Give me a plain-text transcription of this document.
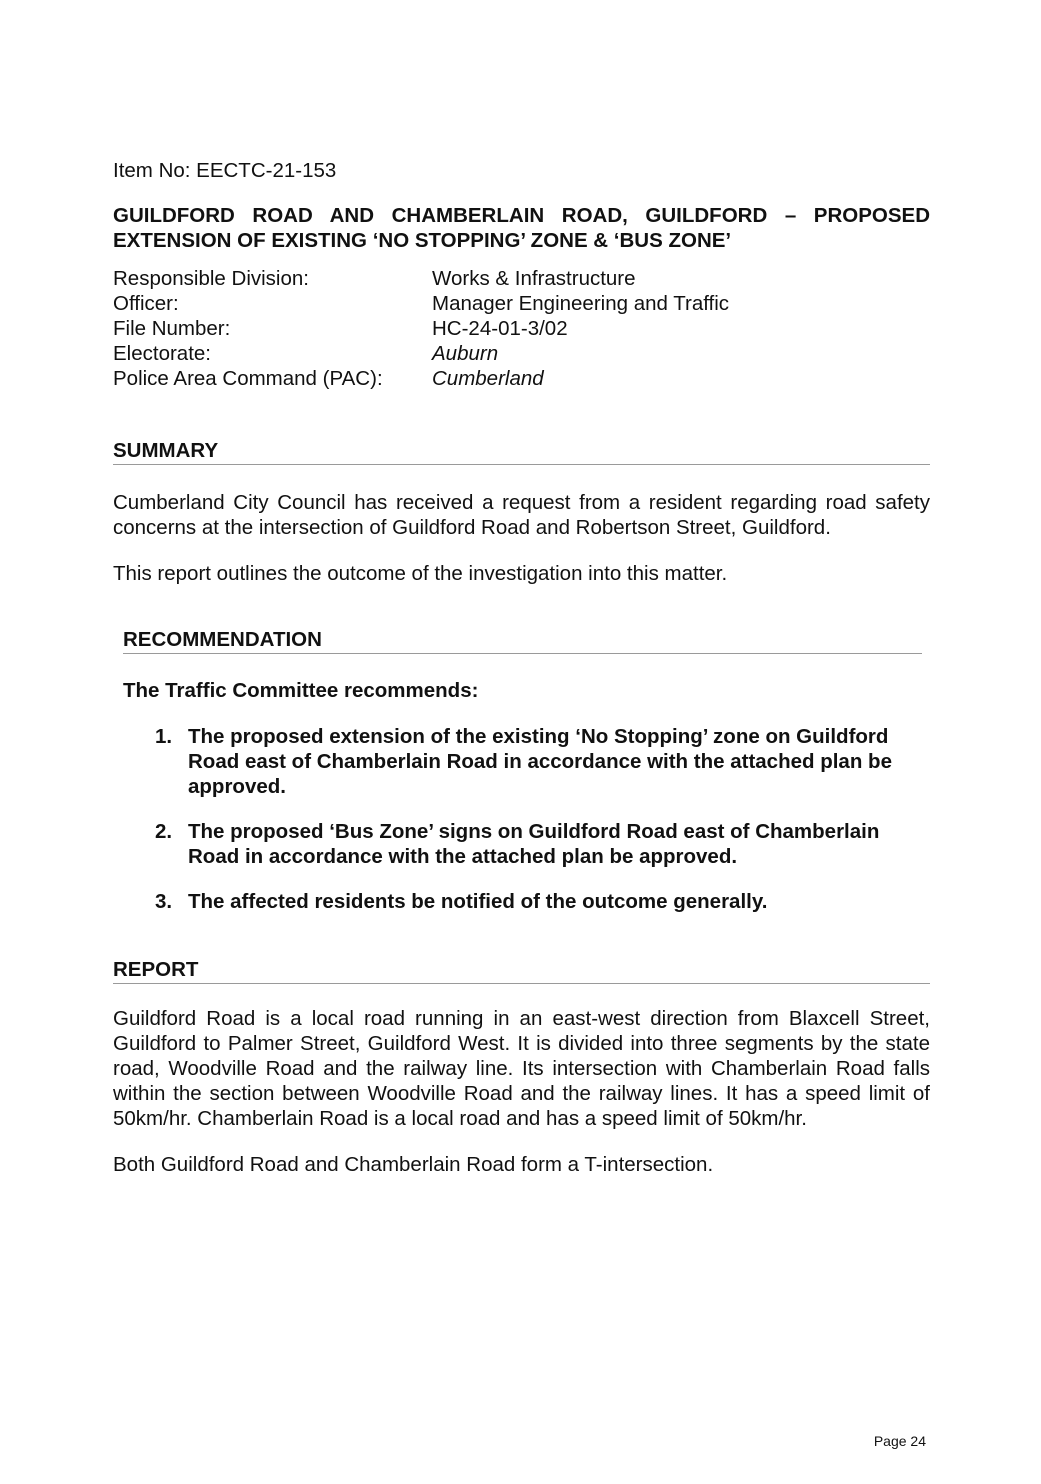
Item No: EECTC-21-153

GUILDFORD ROAD AND CHAMBERLAIN ROAD, GUILDFORD – PROPOSED EXTENSION OF EXISTING ‘NO STOPPING’ ZONE & ‘BUS ZONE’

Responsible Division:	Works & Infrastructure
Officer:	Manager Engineering and Traffic
File Number:	HC-24-01-3/02
Electorate:	Auburn
Police Area Command (PAC):	Cumberland
SUMMARY

Cumberland City Council has received a request from a resident regarding road safety concerns at the intersection of Guildford Road and Robertson Street, Guildford.

This report outlines the outcome of the investigation into this matter.

RECOMMENDATION

The Traffic Committee recommends:

1. The proposed extension of the existing ‘No Stopping’ zone on Guildford Road east of Chamberlain Road in accordance with the attached plan be approved.
2. The proposed ‘Bus Zone’ signs on Guildford Road east of Chamberlain Road in accordance with the attached plan be approved.
3. The affected residents be notified of the outcome generally.
REPORT

Guildford Road is a local road running in an east-west direction from Blaxcell Street, Guildford to Palmer Street, Guildford West. It is divided into three segments by the state road, Woodville Road and the railway line. Its intersection with Chamberlain Road falls within the section between Woodville Road and the railway lines. It has a speed limit of 50km/hr. Chamberlain Road is a local road and has a speed limit of 50km/hr.

Both Guildford Road and Chamberlain Road form a T-intersection.

Page 24
